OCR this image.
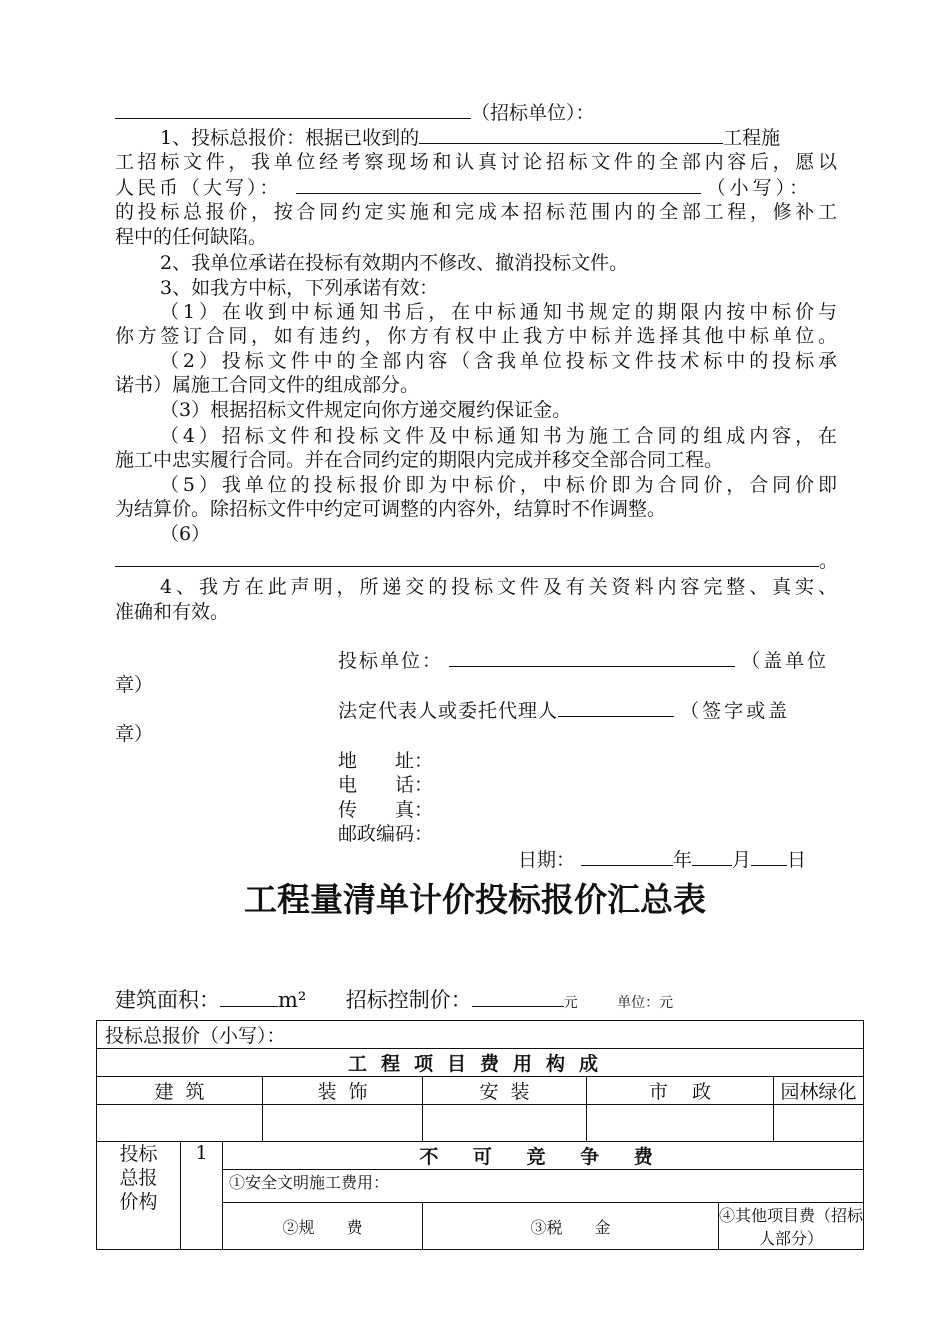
（招标单位）：
1、投标总报价：根据已收到的	工程施
工招标文件，我单位经考察现场和认真讨论招标文件的全部内容后，愿以
人民币（大写）：	（小写）：
的投标总报价，按合同约定实施和完成本招标范围内的全部工程，修补工
程中的任何缺陷。
2、我单位承诺在投标有效期内不修改、撤消投标文件。
3、如我方中标，下列承诺有效：
（1）在收到中标通知书后，在中标通知书规定的期限内按中标价与
你方签订合同，如有违约，你方有权中止我方中标并选择其他中标单位。
（2）投标文件中的全部内容（含我单位投标文件技术标中的投标承
诺书）属施工合同文件的组成部分。
（3）根据招标文件规定向你方递交履约保证金。
（4）招标文件和投标文件及中标通知书为施工合同的组成内容，在
施工中忠实履行合同。并在合同约定的期限内完成并移交全部合同工程。
（5）我单位的投标报价即为中标价，中标价即为合同价，合同价即
为结算价。除招标文件中约定可调整的内容外，结算时不作调整。
（6）
。
4、我方在此声明，所递交的投标文件及有关资料内容完整、真实、
准确和有效。
投标单位：	（盖单位
章）
法定代表人或委托代理人	（签字或盖
章）
地　　址：
电　　话：
传　　真：
邮政编码：
日期：	年 月 日
工程量清单计价投标报价汇总表
建筑面积：	m² 招标控制价：	元	单位：元
投标总报价（小写）：							
工程项目费用构成							
建  筑			装  饰	安  装	市    政		园林绿化

投标总报价构	1	不 可 竞 争 费					
		①安全文明施工费用：					
		②规　　费		③税　　金		④其他项目费（招标人部分）	
